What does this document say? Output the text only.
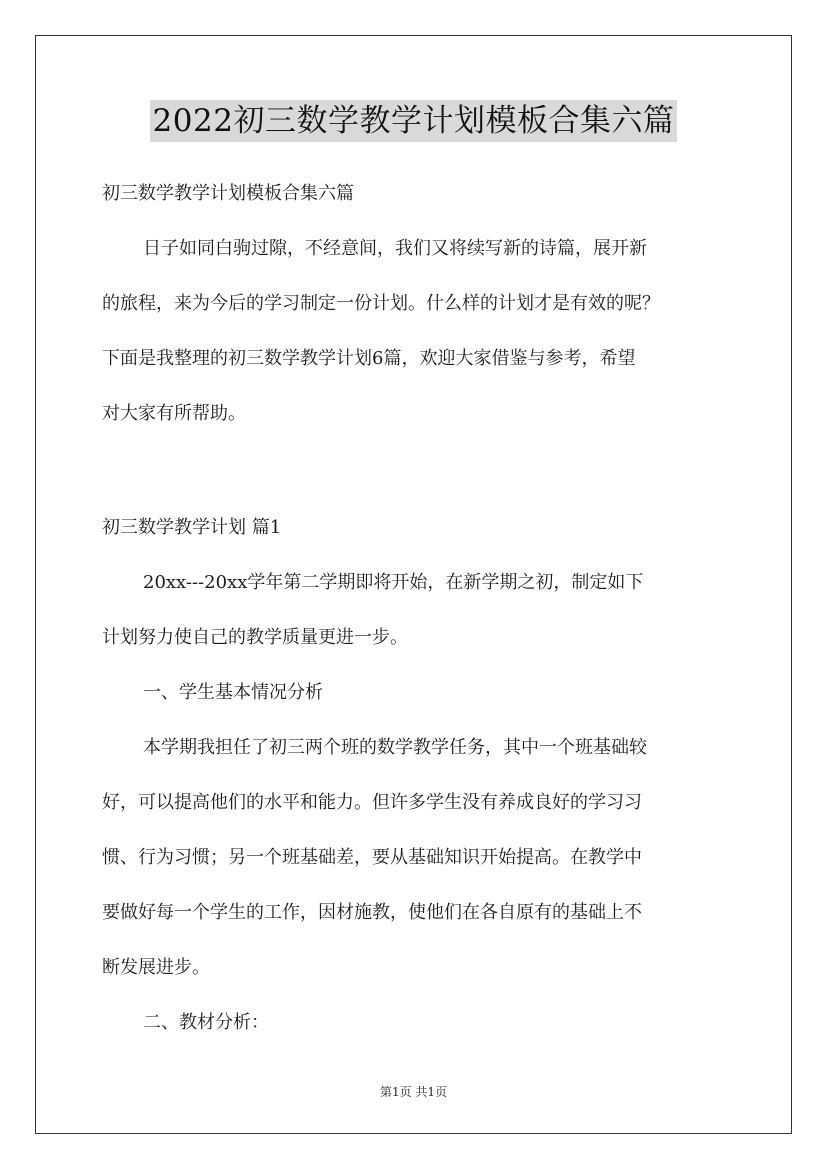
2022初三数学教学计划模板合集六篇
初三数学教学计划模板合集六篇
日子如同白驹过隙，不经意间，我们又将续写新的诗篇，展开新
的旅程，来为今后的学习制定一份计划。什么样的计划才是有效的呢？
下面是我整理的初三数学教学计划6篇，欢迎大家借鉴与参考，希望
对大家有所帮助。
初三数学教学计划 篇1
20xx---20xx学年第二学期即将开始，在新学期之初，制定如下
计划努力使自己的教学质量更进一步。
一、学生基本情况分析
本学期我担任了初三两个班的数学教学任务，其中一个班基础较
好，可以提高他们的水平和能力。但许多学生没有养成良好的学习习
惯、行为习惯；另一个班基础差，要从基础知识开始提高。在教学中
要做好每一个学生的工作，因材施教，使他们在各自原有的基础上不
断发展进步。
二、教材分析：
第1页 共1页
